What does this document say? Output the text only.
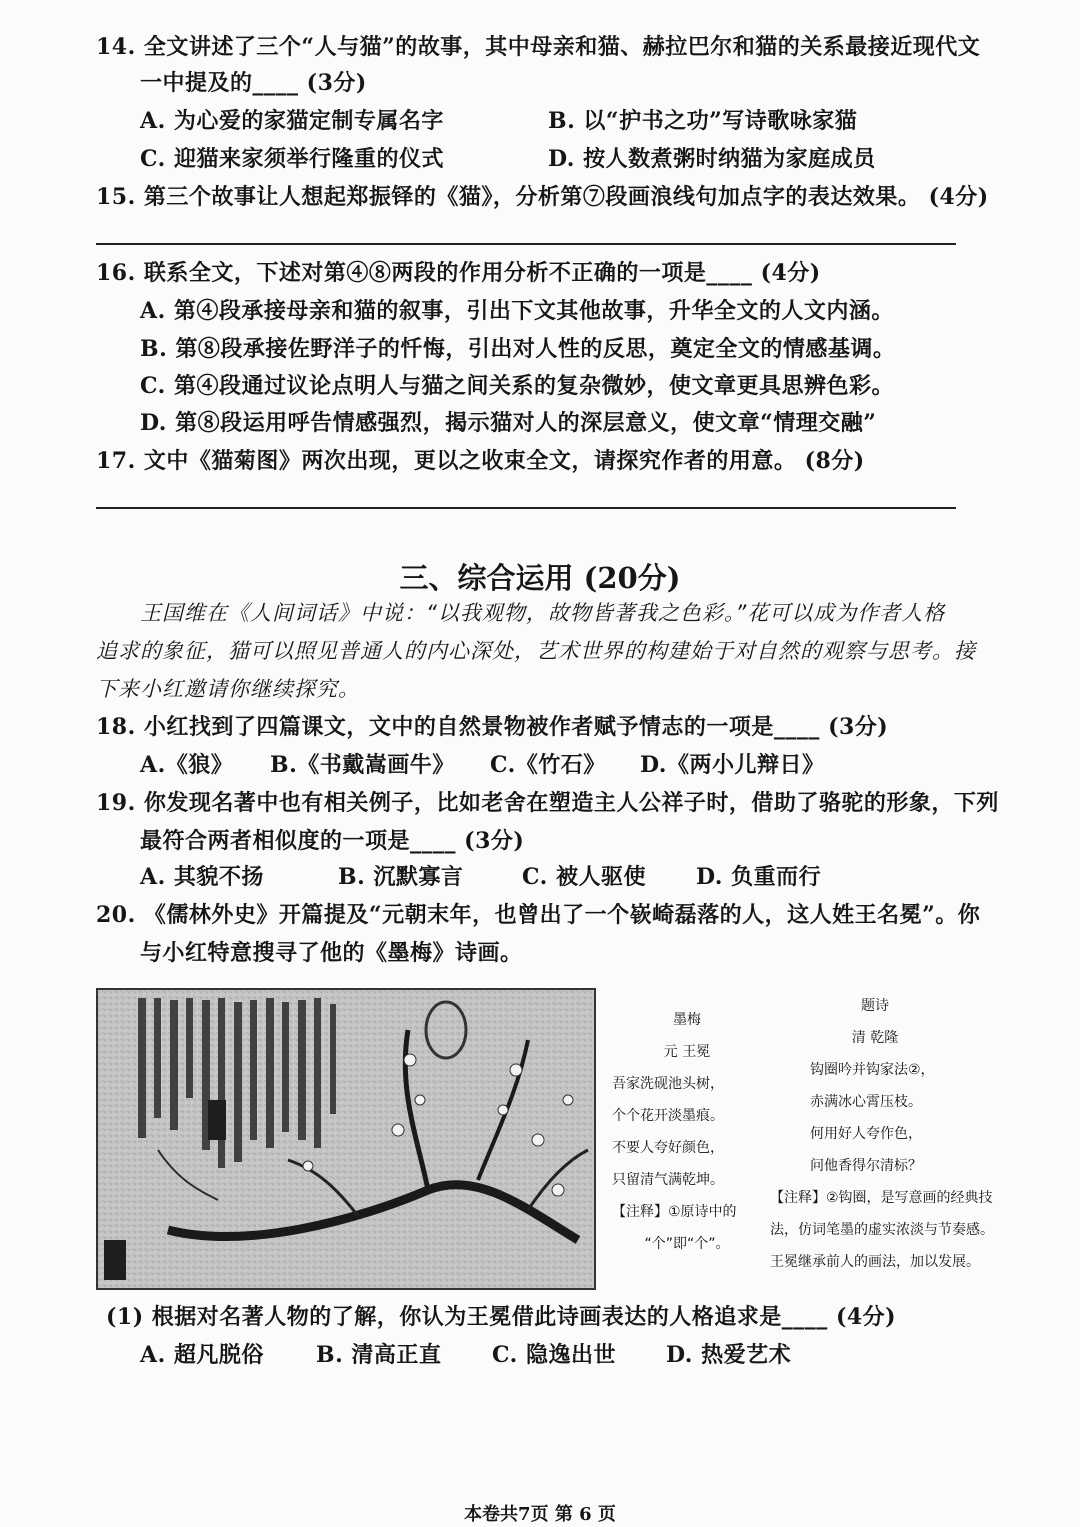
14. 全文讲述了三个“人与猫”的故事，其中母亲和猫、赫拉巴尔和猫的关系最接近现代文
一中提及的____ (3分)
A. 为心爱的家猫定制专属名字	B. 以“护书之功”写诗歌咏家猫
C. 迎猫来家须举行隆重的仪式	D. 按人数煮粥时纳猫为家庭成员
15. 第三个故事让人想起郑振铎的《猫》，分析第⑦段画浪线句加点字的表达效果。 (4分)
16. 联系全文，下述对第④⑧两段的作用分析不正确的一项是____ (4分)
A. 第④段承接母亲和猫的叙事，引出下文其他故事，升华全文的人文内涵。
B. 第⑧段承接佐野洋子的忏悔，引出对人性的反思，奠定全文的情感基调。
C. 第④段通过议论点明人与猫之间关系的复杂微妙，使文章更具思辨色彩。
D. 第⑧段运用呼告情感强烈，揭示猫对人的深层意义，使文章“情理交融”
17. 文中《猫菊图》两次出现，更以之收束全文，请探究作者的用意。 (8分)
三、综合运用 (20分)
王国维在《人间词话》中说：“以我观物，故物皆著我之色彩。”花可以成为作者人格
追求的象征，猫可以照见普通人的内心深处，艺术世界的构建始于对自然的观察与思考。接
下来小红邀请你继续探究。
18. 小红找到了四篇课文，文中的自然景物被作者赋予情志的一项是____ (3分)
A.《狼》 B.《书戴嵩画牛》 C.《竹石》 D.《两小儿辩日》
19. 你发现名著中也有相关例子，比如老舍在塑造主人公祥子时，借助了骆驼的形象，下列
最符合两者相似度的一项是____ (3分)
A. 其貌不扬	B. 沉默寡言	C. 被人驱使 D. 负重而行
20. 《儒林外史》开篇提及“元朝末年，也曾出了一个嵚崎磊落的人，这人姓王名冕”。你
与小红特意搜寻了他的《墨梅》诗画。
墨梅
元 王冕
吾家洗砚池头树，
个个花开淡墨痕。
不要人夸好颜色，
只留清气满乾坤。
【注释】①原诗中的
“个”即“个”。
题诗
清 乾隆
钩圈吟并钩家法②，
赤满冰心霄压枝。
何用好人夸作色，
问他香得尔清标？
【注释】②钩圈，是写意画的经典技
法，仿词笔墨的虚实浓淡与节奏感。
王冕继承前人的画法，加以发展。
(1) 根据对名著人物的了解，你认为王冕借此诗画表达的人格追求是____ (4分)
A. 超凡脱俗 B. 清高正直 C. 隐逸出世 D. 热爱艺术
本卷共7页 第 6 页
